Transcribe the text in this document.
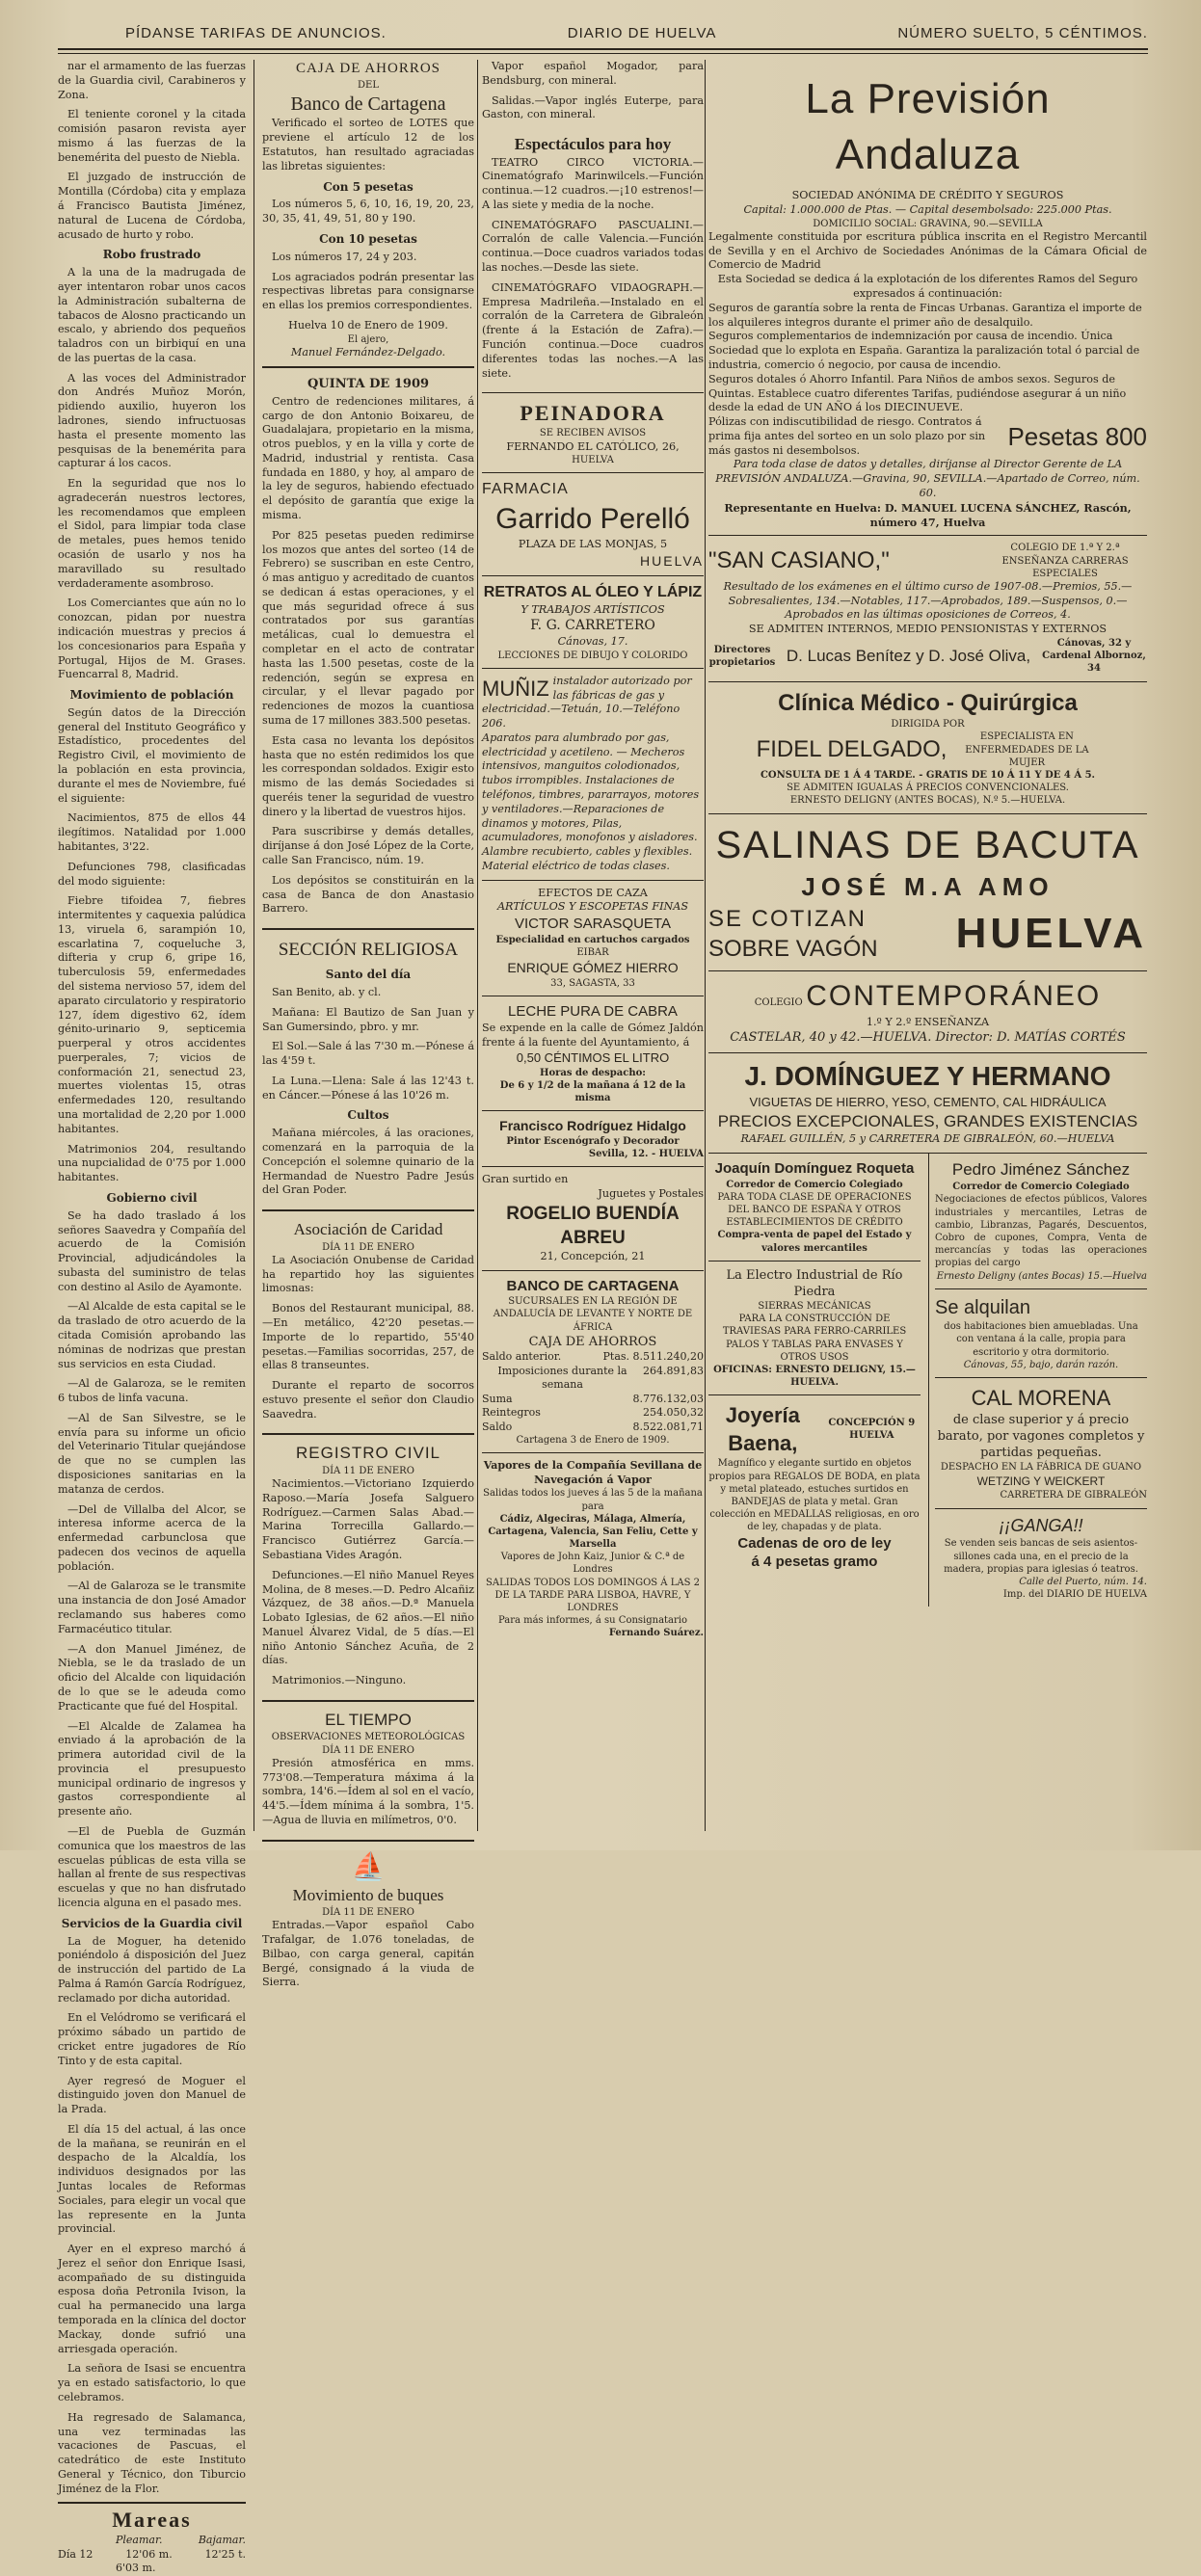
PÍDANSE TARIFAS DE ANUNCIOS.	DIARIO DE HUELVA	NÚMERO SUELTO, 5 CÉNTIMOS.

nar el armamento de las fuerzas de la Guardia civil, Carabineros y Zona.

El teniente coronel y la citada comisión pasaron revista ayer mismo á las fuerzas de la benemérita del puesto de Niebla.

El juzgado de instrucción de Montilla (Córdoba) cita y emplaza á Francisco Bautista Jiménez, natural de Lucena de Córdoba, acusado de hurto y robo.

Robo frustrado

A la una de la madrugada de ayer intentaron robar unos cacos la Administración subalterna de tabacos de Alosno practicando un escalo, y abriendo dos pequeños taladros con un birbiquí en una de las puertas de la casa.

A las voces del Administrador don Andrés Muñoz Morón, pidiendo auxilio, huyeron los ladrones, siendo infructuosas hasta el presente momento las pesquisas de la benemérita para capturar á los cacos.

En la seguridad que nos lo agradecerán nuestros lectores, les recomendamos que empleen el Sidol, para limpiar toda clase de metales, pues hemos tenido ocasión de usarlo y nos ha maravillado su resultado verdaderamente asombroso.

Los Comerciantes que aún no lo conozcan, pidan por nuestra indicación muestras y precios á los concesionarios para España y Portugal, Hijos de M. Grases. Fuencarral 8, Madrid.

Movimiento de población

Según datos de la Dirección general del Instituto Geográfico y Estadístico, procedentes del Registro Civil, el movimiento de la población en esta provincia, durante el mes de Noviembre, fué el siguiente:

Nacimientos, 875 de ellos 44 ilegítimos. Natalidad por 1.000 habitantes, 3'22.

Defunciones 798, clasificadas del modo siguiente:

Fiebre tifoidea 7, fiebres intermitentes y caquexia palúdica 13, viruela 6, sarampión 10, escarlatina 7, coqueluche 3, difteria y crup 6, gripe 16, tuberculosis 59, enfermedades del sistema nervioso 57, idem del aparato circulatorio y respiratorio 127, ídem digestivo 62, ídem génito-urinario 9, septicemia puerperal y otros accidentes puerperales, 7; vicios de conformación 21, senectud 23, muertes violentas 15, otras enfermedades 120, resultando una mortalidad de 2,20 por 1.000 habitantes.

Matrimonios 204, resultando una nupcialidad de 0'75 por 1.000 habitantes.

Gobierno civil

Se ha dado traslado á los señores Saavedra y Compañía del acuerdo de la Comisión Provincial, adjudicándoles la subasta del suministro de telas con destino al Asilo de Ayamonte.

—Al Alcalde de esta capital se le da traslado de otro acuerdo de la citada Comisión aprobando las nóminas de nodrizas que prestan sus servicios en esta Ciudad.

—Al de Galaroza, se le remiten 6 tubos de linfa vacuna.

—Al de San Silvestre, se le envía para su informe un oficio del Veterinario Titular quejándose de que no se cumplen las disposiciones sanitarias en la matanza de cerdos.

—Del de Villalba del Alcor, se interesa informe acerca de la enfermedad carbunclosa que padecen dos vecinos de aquella población.

—Al de Galaroza se le transmite una instancia de don José Amador reclamando sus haberes como Farmacéutico titular.

—A don Manuel Jiménez, de Niebla, se le da traslado de un oficio del Alcalde con liquidación de lo que se le adeuda como Practicante que fué del Hospital.

—El Alcalde de Zalamea ha enviado á la aprobación de la primera autoridad civil de la provincia el presupuesto municipal ordinario de ingresos y gastos correspondiente al presente año.

—El de Puebla de Guzmán comunica que los maestros de las escuelas públicas de esta villa se hallan al frente de sus respectivas escuelas y que no han disfrutado licencia alguna en el pasado mes.

Servicios de la Guardia civil

La de Moguer, ha detenido poniéndolo á disposición del Juez de instrucción del partido de La Palma á Ramón García Rodríguez, reclamado por dicha autoridad.

En el Velódromo se verificará el próximo sábado un partido de cricket entre jugadores de Río Tinto y de esta capital.

Ayer regresó de Moguer el distinguido joven don Manuel de la Prada.

El día 15 del actual, á las once de la mañana, se reunirán en el despacho de la Alcaldía, los individuos designados por las Juntas locales de Reformas Sociales, para elegir un vocal que las represente en la Junta provincial.

Ayer en el expreso marchó á Jerez el señor don Enrique Isasi, acompañado de su distinguida esposa doña Petronila Ivison, la cual ha permanecido una larga temporada en la clínica del doctor Mackay, donde sufrió una arriesgada operación.

La señora de Isasi se encuentra ya en estado satisfactorio, lo que celebramos.

Ha regresado de Salamanca, una vez terminadas las vacaciones de Pascuas, el catedrático de este Instituto General y Técnico, don Tiburcio Jiménez de la Flor.

Mareas
Pleamar.	Bajamar.
Día 12	12'06 m.	12'25 t.
6'03 m.
CAJA DE AHORROS
DEL
Banco de Cartagena

Verificado el sorteo de LOTES que previene el artículo 12 de los Estatutos, han resultado agraciadas las libretas siguientes:

Con 5 pesetas

Los números 5, 6, 10, 16, 19, 20, 23, 30, 35, 41, 49, 51, 80 y 190.

Con 10 pesetas

Los números 17, 24 y 203.

Los agraciados podrán presentar las respectivas libretas para consignarse en ellas los premios correspondientes.

Huelva 10 de Enero de 1909.
El ajero,
Manuel Fernández-Delgado.
QUINTA DE 1909

Centro de redenciones militares, á cargo de don Antonio Boixareu, de Guadalajara, propietario en la misma, otros pueblos, y en la villa y corte de Madrid, industrial y rentista. Casa fundada en 1880, y hoy, al amparo de la ley de seguros, habiendo efectuado el depósito de garantía que exige la misma.

Por 825 pesetas pueden redimirse los mozos que antes del sorteo (14 de Febrero) se suscriban en este Centro, ó mas antiguo y acreditado de cuantos se dedican á estas operaciones, y el que más seguridad ofrece á sus contratados por sus garantías metálicas, cual lo demuestra el completar en el acto de contratar hasta las 1.500 pesetas, coste de la redención, según se expresa en circular, y el llevar pagado por redenciones de mozos la cuantiosa suma de 17 millones 383.500 pesetas.

Esta casa no levanta los depósitos hasta que no estén redimidos los que les correspondan soldados. Exigir esto mismo de las demás Sociedades si queréis tener la seguridad de vuestro dinero y la libertad de vuestros hijos.

Para suscribirse y demás detalles, diríjanse á don José López de la Corte, calle San Francisco, núm. 19.

Los depósitos se constituirán en la casa de Banca de don Anastasio Barrero.

SECCIÓN RELIGIOSA
Santo del día

San Benito, ab. y cl.

Mañana: El Bautizo de San Juan y San Gumersindo, pbro. y mr.

El Sol.—Sale á las 7'30 m.—Pónese á las 4'59 t.

La Luna.—Llena: Sale á las 12'43 t. en Cáncer.—Pónese á las 10'26 m.

Cultos

Mañana miércoles, á las oraciones, comenzará en la parroquia de la Concepción el solemne quinario de la Hermandad de Nuestro Padre Jesús del Gran Poder.

Asociación de Caridad
DÍA 11 DE ENERO

La Asociación Onubense de Caridad ha repartido hoy las siguientes limosnas:

Bonos del Restaurant municipal, 88.—En metálico, 42'20 pesetas.—Importe de lo repartido, 55'40 pesetas.—Familias socorridas, 257, de ellas 8 transeuntes.

Durante el reparto de socorros estuvo presente el señor don Claudio Saavedra.

REGISTRO CIVIL
DÍA 11 DE ENERO

Nacimientos.—Victoriano Izquierdo Raposo.—María Josefa Salguero Rodríguez.—Carmen Salas Abad.—Marina Torrecilla Gallardo.—Francisco Gutiérrez García.—Sebastiana Vides Aragón.

Defunciones.—El niño Manuel Reyes Molina, de 8 meses.—D. Pedro Alcañiz Vázquez, de 38 años.—D.ª Manuela Lobato Iglesias, de 62 años.—El niño Manuel Álvarez Vidal, de 5 días.—El niño Antonio Sánchez Acuña, de 2 días.

Matrimonios.—Ninguno.

EL TIEMPO
OBSERVACIONES METEOROLÓGICAS
DÍA 11 DE ENERO

Presión atmosférica en mms. 773'08.—Temperatura máxima á la sombra, 14'6.—Ídem al sol en el vacío, 44'5.—Ídem mínima á la sombra, 1'5.—Agua de lluvia en milímetros, 0'0.

⛵
Movimiento de buques
DÍA 11 DE ENERO

Entradas.—Vapor español Cabo Trafalgar, de 1.076 toneladas, de Bilbao, con carga general, capitán Bergé, consignado á la viuda de Sierra.

Vapor español Mogador, para Bendsburg, con mineral.

Salidas.—Vapor inglés Euterpe, para Gaston, con mineral.

Espectáculos para hoy

TEATRO CIRCO VICTORIA.—Cinematógrafo Marinwilcels.—Función continua.—12 cuadros.—¡10 estrenos!—A las siete y media de la noche.

CINEMATÓGRAFO PASCUALINI.—Corralón de calle Valencia.—Función continua.—Doce cuadros variados todas las noches.—Desde las siete.

CINEMATÓGRAFO VIDAOGRAPH.—Empresa Madrileña.—Instalado en el corralón de la Carretera de Gibraleón (frente á la Estación de Zafra).—Función continua.—Doce cuadros diferentes todas las noches.—A las siete.

PEINADORA
SE RECIBEN AVISOS
FERNANDO EL CATÓLICO, 26,
HUELVA
FARMACIA
Garrido Perelló
PLAZA DE LAS MONJAS, 5
HUELVA
RETRATOS AL ÓLEO Y LÁPIZ
Y TRABAJOS ARTÍSTICOS
F. G. CARRETERO
Cánovas, 17.
LECCIONES DE DIBUJO Y COLORIDO
MUÑIZ instalador autorizado por las fábricas de gas y electricidad.—Tetuán, 10.—Teléfono 206.
Aparatos para alumbrado por gas, electricidad y acetileno. — Mecheros intensivos, manguitos colodionados, tubos irrompibles. Instalaciones de teléfonos, timbres, pararrayos, motores y ventiladores.—Reparaciones de dinamos y motores, Pilas, acumuladores, monofonos y aisladores.
Alambre recubierto, cables y flexibles. Material eléctrico de todas clases.
EFECTOS DE CAZA
ARTÍCULOS Y ESCOPETAS FINAS
VICTOR SARASQUETA
Especialidad en cartuchos cargados
EIBAR
ENRIQUE GÓMEZ HIERRO
33, SAGASTA, 33
LECHE PURA DE CABRA
Se expende en la calle de Gómez Jaldón frente á la fuente del Ayuntamiento, á
0,50 CÉNTIMOS EL LITRO
Horas de despacho:
De 6 y 1/2 de la mañana á 12 de la misma
Francisco Rodríguez Hidalgo
Pintor Escenógrafo y Decorador
Sevilla, 12. - HUELVA
Gran surtido en
Juguetes y Postales
ROGELIO BUENDÍA ABREU
21, Concepción, 21
BANCO DE CARTAGENA
SUCURSALES EN LA REGIÓN DE ANDALUCÍA DE LEVANTE Y NORTE DE ÁFRICA
CAJA DE AHORROS
Saldo anterior.	Ptas. 8.511.240,20
Imposiciones durante la semana
264.891,83
Suma	8.776.132,03
Reintegros	254.050,32
Saldo	8.522.081,71
Cartagena 3 de Enero de 1909.
Vapores de la Compañía Sevillana de Navegación á Vapor
Salidas todos los jueves á las 5 de la mañana para
Cádiz, Algeciras, Málaga, Almería, Cartagena, Valencia, San Feliu, Cette y Marsella
Vapores de John Kaiz, Junior & C.ª de Londres
SALIDAS TODOS LOS DOMINGOS Á LAS 2 DE LA TARDE PARA LISBOA, HAVRE, Y LONDRES
Para más informes, á su Consignatario
Fernando Suárez.
La Previsión Andaluza
SOCIEDAD ANÓNIMA DE CRÉDITO Y SEGUROS
Capital: 1.000.000 de Ptas. — Capital desembolsado: 225.000 Ptas.
DOMICILIO SOCIAL: GRAVINA, 90.—SEVILLA
Legalmente constituida por escritura pública inscrita en el Registro Mercantil de Sevilla y en el Archivo de Sociedades Anónimas de la Cámara Oficial de Comercio de Madrid
Esta Sociedad se dedica á la explotación de los diferentes Ramos del Seguro expresados á continuación:
Seguros de garantía sobre la renta de Fincas Urbanas. Garantiza el importe de los alquileres integros durante el primer año de desalquilo.
Seguros complementarios de indemnización por causa de incendio. Única Sociedad que lo explota en España. Garantiza la paralización total ó parcial de industria, comercio ó negocio, por causa de incendio.
Seguros dotales ó Ahorro Infantil. Para Niños de ambos sexos. Seguros de Quintas. Establece cuatro diferentes Tarifas, pudiéndose asegurar á un niño desde la edad de UN AÑO á los DIECINUEVE.
Pólizas con indiscutibilidad de riesgo. Contratos á prima fija antes del sorteo en un solo plazo por sin más gastos ni desembolsos.	Pesetas 800
Para toda clase de datos y detalles, diríjanse al Director Gerente de LA PREVISIÓN ANDALUZA.—Gravina, 90, SEVILLA.—Apartado de Correo, núm. 60.
Representante en Huelva: D. MANUEL LUCENA SÁNCHEZ, Rascón, número 47, Huelva
"SAN CASIANO,"	COLEGIO DE 1.ª Y 2.ª ENSEÑANZA CARRERAS ESPECIALES
Resultado de los exámenes en el último curso de 1907-08.—Premios, 55.—Sobresalientes, 134.—Notables, 117.—Aprobados, 189.—Suspensos, 0.—Aprobados en las últimas oposiciones de Correos, 4.
SE ADMITEN INTERNOS, MEDIO PENSIONISTAS Y EXTERNOS
Directores propietarios D. Lucas Benítez y D. José Oliva,
Cánovas, 32 y Cardenal Albornoz, 34
Clínica Médico - Quirúrgica
DIRIGIDA POR
FIDEL DELGADO,	ESPECIALISTA EN ENFERMEDADES DE LA MUJER
CONSULTA DE 1 Á 4 TARDE. - GRATIS DE 10 Á 11 Y DE 4 Á 5.
SE ADMITEN IGUALAS Á PRECIOS CONVENCIONALES.
ERNESTO DELIGNY (ANTES BOCAS), N.º 5.—HUELVA.
SALINAS DE BACUTA
JOSÉ M.A AMO
SE COTIZAN
SOBRE VAGÓN HUELVA
COLEGIO CONTEMPORÁNEO
1.º Y 2.º ENSEÑANZA
CASTELAR, 40 y 42.—HUELVA. Director: D. MATÍAS CORTÉS
J. DOMÍNGUEZ Y HERMANO
VIGUETAS DE HIERRO, YESO, CEMENTO, CAL HIDRÁULICA
PRECIOS EXCEPCIONALES, GRANDES EXISTENCIAS
RAFAEL GUILLÉN, 5 y CARRETERA DE GIBRALEÓN, 60.—HUELVA
Joaquín Domínguez Roqueta
Corredor de Comercio Colegiado
PARA TODA CLASE DE OPERACIONES DEL BANCO DE ESPAÑA Y OTROS ESTABLECIMIENTOS DE CRÉDITO
Compra-venta de papel del Estado y valores mercantiles
La Electro Industrial de Río Piedra
SIERRAS MECÁNICAS
PARA LA CONSTRUCCIÓN DE TRAVIESAS PARA FERRO-CARRILES PALOS Y TABLAS PARA ENVASES Y OTROS USOS
OFICINAS: ERNESTO DELIGNY, 15.—HUELVA.
Joyería Baena,
CONCEPCIÓN 9 HUELVA
Magnífico y elegante surtido en objetos propios para REGALOS DE BODA, en plata y metal plateado, estuches surtidos en BANDEJAS de plata y metal. Gran colección en MEDALLAS religiosas, en oro de ley, chapadas y de plata.
Cadenas de oro de ley
á 4 pesetas gramo
Pedro Jiménez Sánchez
Corredor de Comercio Colegiado
Negociaciones de efectos públicos, Valores industriales y mercantiles, Letras de cambio, Libranzas, Pagarés, Descuentos, Cobro de cupones, Compra, Venta de mercancías y todas las operaciones propias del cargo
Ernesto Deligny (antes Bocas) 15.—Huelva
Se alquilan
dos habitaciones bien amuebladas. Una con ventana á la calle, propia para escritorio y otra dormitorio.
Cánovas, 55, bajo, darán razón.
CAL MORENA
de clase superior y á precio barato, por vagones completos y partidas pequeñas.
DESPACHO EN LA FÁBRICA DE GUANO
WETZING Y WEICKERT
CARRETERA DE GIBRALEÓN
¡¡GANGA!!
Se venden seis bancas de seis asientos-sillones cada una, en el precio de la madera, propias para iglesias ó teatros.
Calle del Puerto, núm. 14.
Imp. del DIARIO DE HUELVA
